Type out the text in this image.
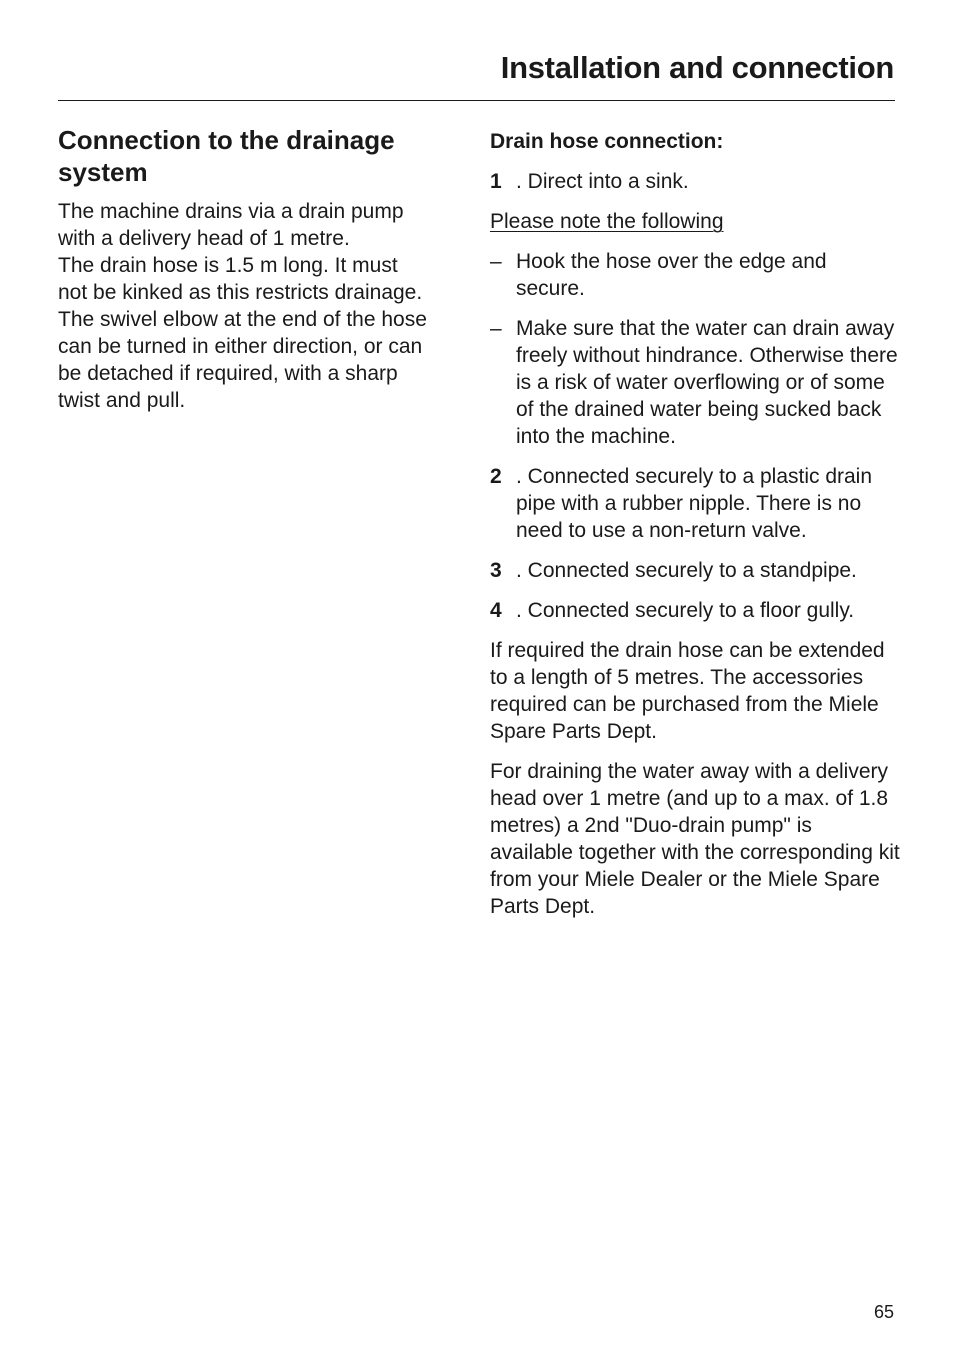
Installation and connection
Connection to the drainage system

The machine drains via a drain pump
with a delivery head of 1 metre.
The drain hose is 1.5 m long. It must
not be kinked as this restricts drainage.
The swivel elbow at the end of the hose
can be turned in either direction, or can
be detached if required, with a sharp
twist and pull.

Drain hose connection:
1 . Direct into a sink.
Please note the following
– Hook the hose over the edge and secure.
– Make sure that the water can drain away freely without hindrance. Otherwise there is a risk of water overflowing or of some of the drained water being sucked back into the machine.
2 . Connected securely to a plastic drain pipe with a rubber nipple. There is no need to use a non-return valve.
3 . Connected securely to a standpipe.
4 . Connected securely to a floor gully.

If required the drain hose can be extended to a length of 5 metres. The accessories required can be purchased from the Miele Spare Parts Dept.

For draining the water away with a delivery head over 1 metre (and up to a max. of 1.8 metres) a 2nd "Duo-drain pump" is available together with the corresponding kit from your Miele Dealer or the Miele Spare Parts Dept.

65
